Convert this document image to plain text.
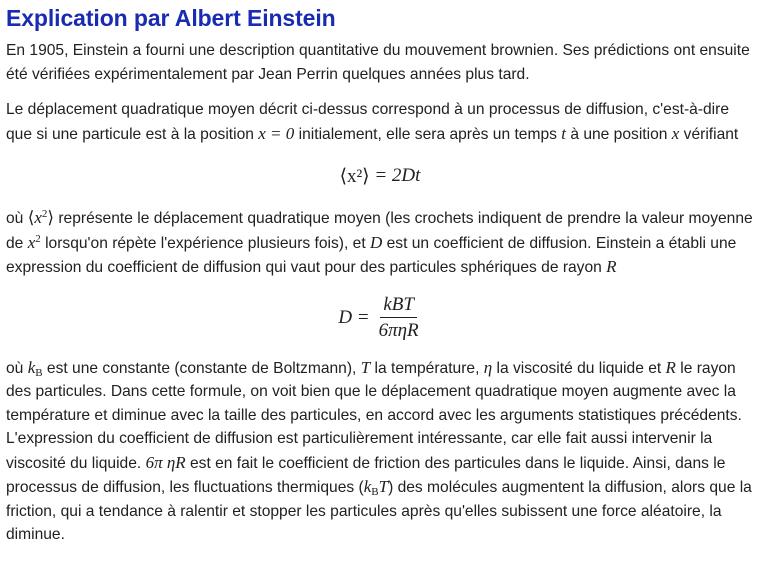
Explication par Albert Einstein

En 1905, Einstein a fourni une description quantitative du mouvement brownien. Ses prédictions ont ensuite été vérifiées expérimentalement par Jean Perrin quelques années plus tard.

Le déplacement quadratique moyen décrit ci-dessus correspond à un processus de diffusion, c'est-à-dire que si une particule est à la position x = 0 initialement, elle sera après un temps t à une position x vérifiant

⟨x²⟩
= 2Dt

où $⟨x^2⟩$ représente le déplacement quadratique moyen (les crochets indiquent de prendre la valeur moyenne de $x^2$ lorsqu'on répète l'expérience plusieurs fois), et D est un coefficient de diffusion. Einstein a établi une expression du coefficient de diffusion qui vaut pour des particules sphériques de rayon R

$D = \frac{\text{kBT}}{\text{6πηR}}$

où $k_B$ est une constante (constante de Boltzmann), T la température, η la viscosité du liquide et R le rayon des particules. Dans cette formule, on voit bien que le déplacement quadratique moyen augmente avec la température et diminue avec la taille des particules, en accord avec les arguments statistiques précédents. L'expression du coefficient de diffusion est particulièrement intéressante, car elle fait aussi intervenir la viscosité du liquide. 6π ηR est en fait le coefficient de friction des particules dans le liquide. Ainsi, dans le processus de diffusion, les fluctuations thermiques $(k_BT)$ des molécules augmentent la diffusion, alors que la friction, qui a tendance à ralentir et stopper les particules après qu'elles subissent une force aléatoire, la diminue.
